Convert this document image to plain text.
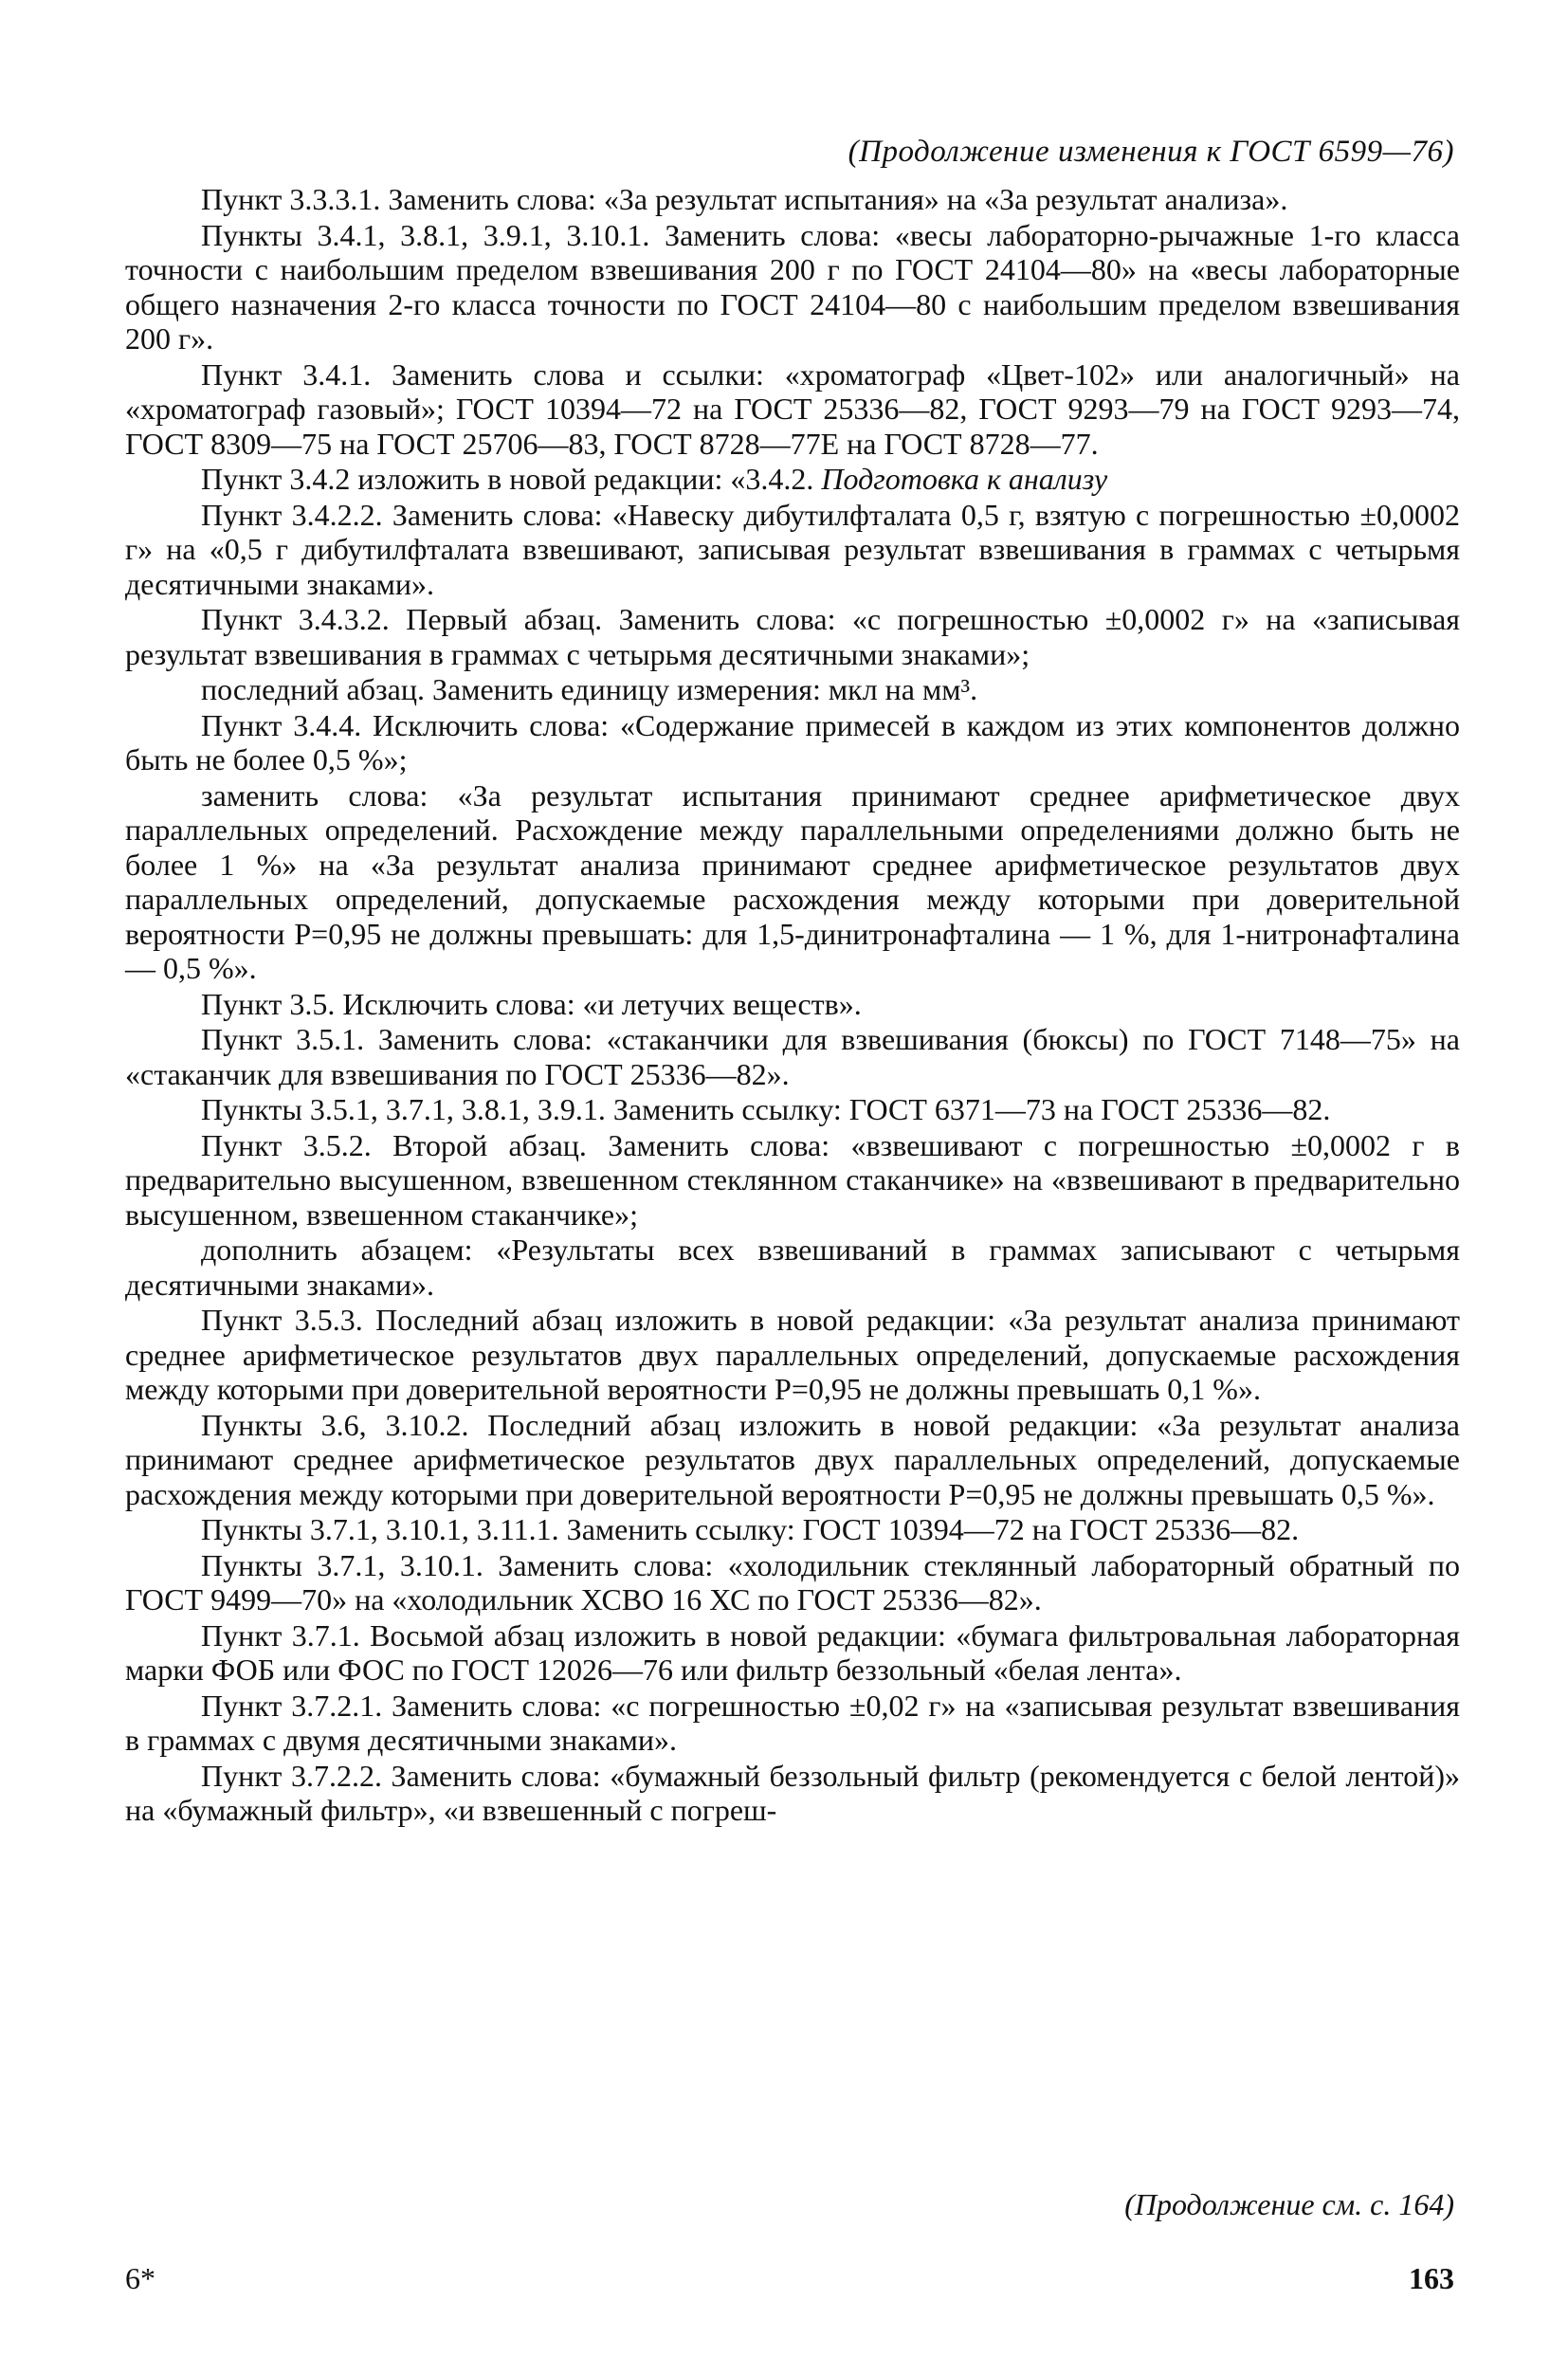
(Продолжение изменения к ГОСТ 6599—76)

Пункт 3.3.3.1. Заменить слова: «За результат испытания» на «За результат анализа».

Пункты 3.4.1, 3.8.1, 3.9.1, 3.10.1. Заменить слова: «весы лабораторно-рычажные 1-го класса точности с наибольшим пределом взвешивания 200 г по ГОСТ 24104—80» на «весы лабораторные общего назначения 2-го класса точности по ГОСТ 24104—80 с наибольшим пределом взвешивания 200 г».

Пункт 3.4.1. Заменить слова и ссылки: «хроматограф «Цвет-102» или аналогичный» на «хроматограф газовый»; ГОСТ 10394—72 на ГОСТ 25336—82, ГОСТ 9293—79 на ГОСТ 9293—74, ГОСТ 8309—75 на ГОСТ 25706—83, ГОСТ 8728—77Е на ГОСТ 8728—77.

Пункт 3.4.2 изложить в новой редакции: «3.4.2. Подготовка к анализу

Пункт 3.4.2.2. Заменить слова: «Навеску дибутилфталата 0,5 г, взятую с погрешностью ±0,0002 г» на «0,5 г дибутилфталата взвешивают, записывая результат взвешивания в граммах с четырьмя десятичными знаками».

Пункт 3.4.3.2. Первый абзац. Заменить слова: «с погрешностью ±0,0002 г» на «записывая результат взвешивания в граммах с четырьмя десятичными знаками»;

последний абзац. Заменить единицу измерения: мкл на мм³.

Пункт 3.4.4. Исключить слова: «Содержание примесей в каждом из этих компонентов должно быть не более 0,5 %»;

заменить слова: «За результат испытания принимают среднее арифметическое двух параллельных определений. Расхождение между параллельными определениями должно быть не более 1 %» на «За результат анализа принимают среднее арифметическое результатов двух параллельных определений, допускаемые расхождения между которыми при доверительной вероятности P=0,95 не должны превышать: для 1,5-динитронафталина — 1 %, для 1-нитронафталина — 0,5 %».

Пункт 3.5. Исключить слова: «и летучих веществ».

Пункт 3.5.1. Заменить слова: «стаканчики для взвешивания (бюксы) по ГОСТ 7148—75» на «стаканчик для взвешивания по ГОСТ 25336—82».

Пункты 3.5.1, 3.7.1, 3.8.1, 3.9.1. Заменить ссылку: ГОСТ 6371—73 на ГОСТ 25336—82.

Пункт 3.5.2. Второй абзац. Заменить слова: «взвешивают с погрешностью ±0,0002 г в предварительно высушенном, взвешенном стеклянном стаканчике» на «взвешивают в предварительно высушенном, взвешенном стаканчике»;

дополнить абзацем: «Результаты всех взвешиваний в граммах записывают с четырьмя десятичными знаками».

Пункт 3.5.3. Последний абзац изложить в новой редакции: «За результат анализа принимают среднее арифметическое результатов двух параллельных определений, допускаемые расхождения между которыми при доверительной вероятности P=0,95 не должны превышать 0,1 %».

Пункты 3.6, 3.10.2. Последний абзац изложить в новой редакции: «За результат анализа принимают среднее арифметическое результатов двух параллельных определений, допускаемые расхождения между которыми при доверительной вероятности P=0,95 не должны превышать 0,5 %».

Пункты 3.7.1, 3.10.1, 3.11.1. Заменить ссылку: ГОСТ 10394—72 на ГОСТ 25336—82.

Пункты 3.7.1, 3.10.1. Заменить слова: «холодильник стеклянный лабораторный обратный по ГОСТ 9499—70» на «холодильник ХСВО 16 ХС по ГОСТ 25336—82».

Пункт 3.7.1. Восьмой абзац изложить в новой редакции: «бумага фильтровальная лабораторная марки ФОБ или ФОС по ГОСТ 12026—76 или фильтр беззольный «белая лента».

Пункт 3.7.2.1. Заменить слова: «с погрешностью ±0,02 г» на «записывая результат взвешивания в граммах с двумя десятичными знаками».

Пункт 3.7.2.2. Заменить слова: «бумажный беззольный фильтр (рекомендуется с белой лентой)» на «бумажный фильтр», «и взвешенный с погреш-

(Продолжение см. с. 164)
6*	163
